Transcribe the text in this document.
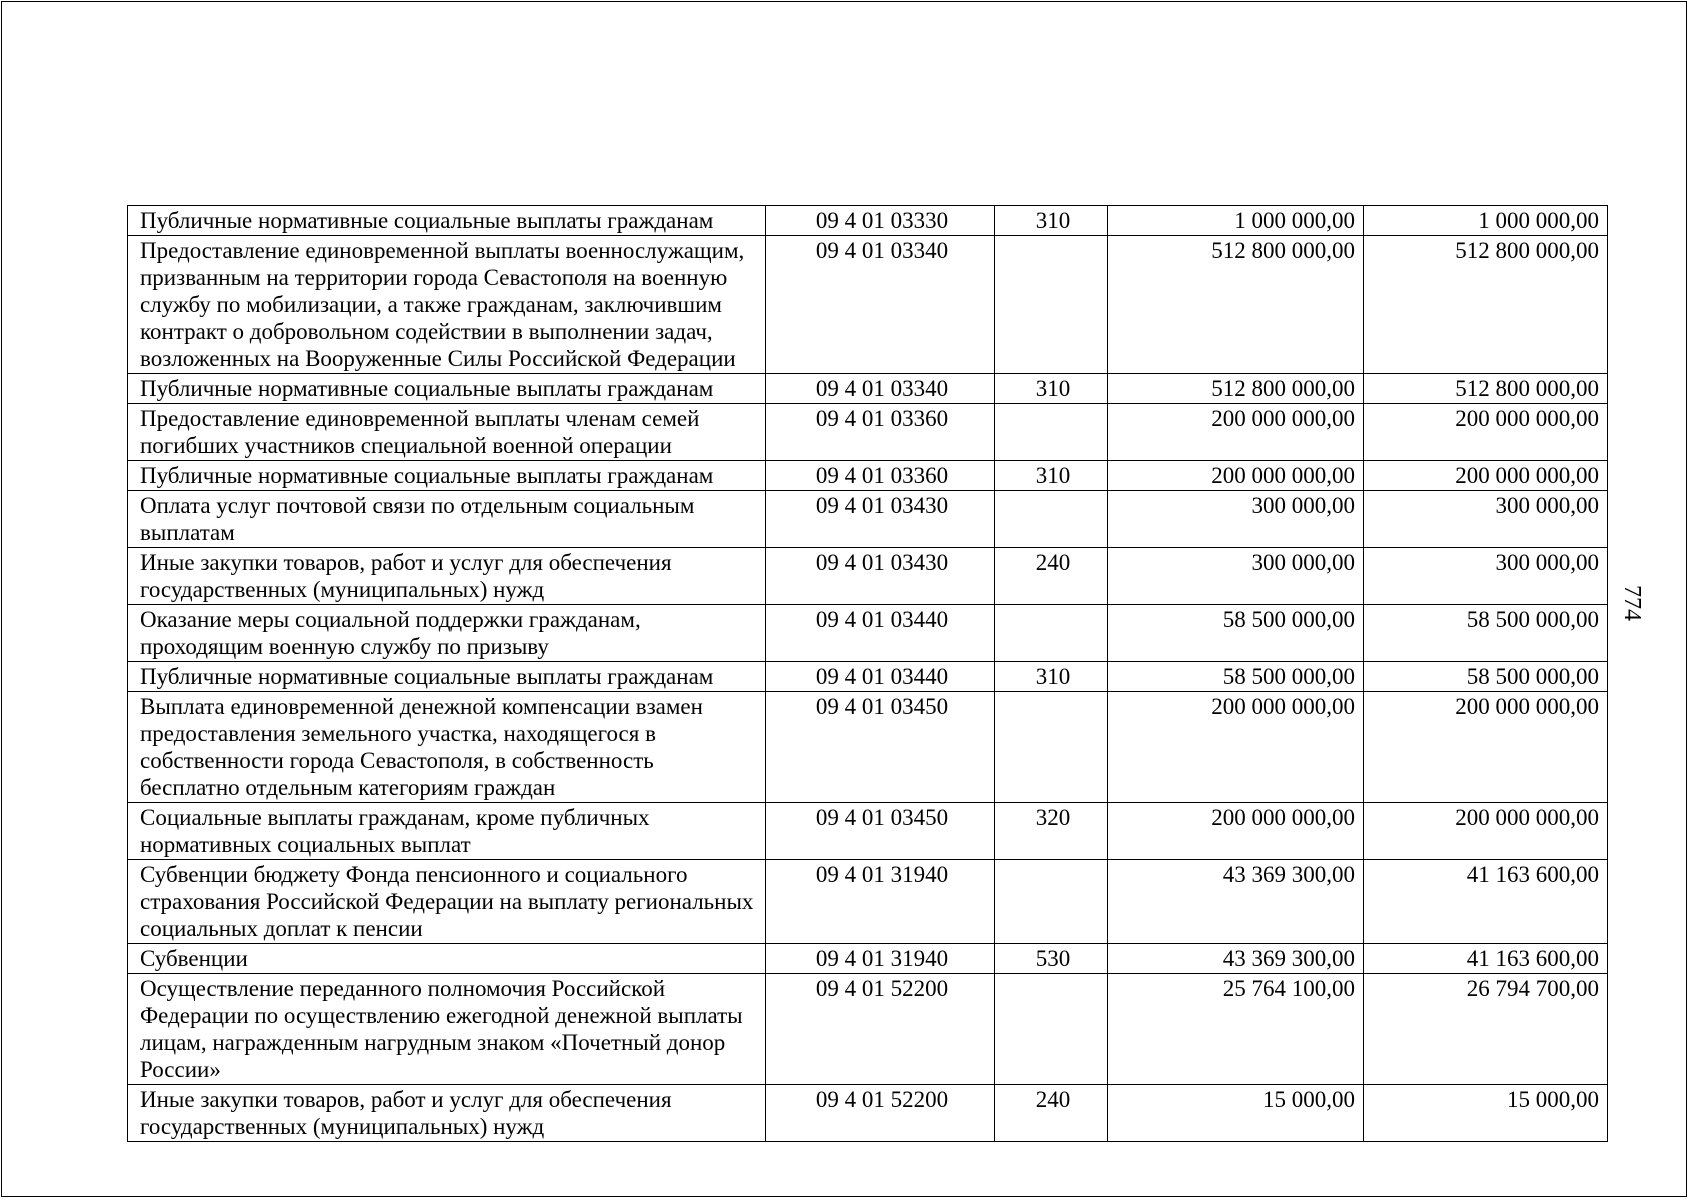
774
Публичные нормативные социальные выплаты гражданам	09 4 01 03330	310	1 000 000,00	1 000 000,00
Предоставление единовременной выплаты военнослужащим, призванным на территории города Севастополя на военную службу по мобилизации, а также гражданам, заключившим контракт о добровольном содействии в выполнении задач, возложенных на Вооруженные Силы Российской Федерации	09 4 01 03340		512 800 000,00	512 800 000,00
Публичные нормативные социальные выплаты гражданам	09 4 01 03340	310	512 800 000,00	512 800 000,00
Предоставление единовременной выплаты членам семей погибших участников специальной военной операции	09 4 01 03360		200 000 000,00	200 000 000,00
Публичные нормативные социальные выплаты гражданам	09 4 01 03360	310	200 000 000,00	200 000 000,00
Оплата услуг почтовой связи по отдельным социальным выплатам	09 4 01 03430		300 000,00	300 000,00
Иные закупки товаров, работ и услуг для обеспечения государственных (муниципальных) нужд	09 4 01 03430	240	300 000,00	300 000,00
Оказание меры социальной поддержки гражданам, проходящим военную службу по призыву	09 4 01 03440		58 500 000,00	58 500 000,00
Публичные нормативные социальные выплаты гражданам	09 4 01 03440	310	58 500 000,00	58 500 000,00
Выплата единовременной денежной компенсации взамен предоставления земельного участка, находящегося в собственности города Севастополя, в собственность бесплатно отдельным категориям граждан	09 4 01 03450		200 000 000,00	200 000 000,00
Социальные выплаты гражданам, кроме публичных нормативных социальных выплат	09 4 01 03450	320	200 000 000,00	200 000 000,00
Субвенции бюджету Фонда пенсионного и социального страхования Российской Федерации на выплату региональных социальных доплат к пенсии	09 4 01 31940		43 369 300,00	41 163 600,00
Субвенции	09 4 01 31940	530	43 369 300,00	41 163 600,00
Осуществление переданного полномочия Российской Федерации по осуществлению ежегодной денежной выплаты лицам, награжденным нагрудным знаком «Почетный донор России»	09 4 01 52200		25 764 100,00	26 794 700,00
Иные закупки товаров, работ и услуг для обеспечения государственных (муниципальных) нужд	09 4 01 52200	240	15 000,00	15 000,00
